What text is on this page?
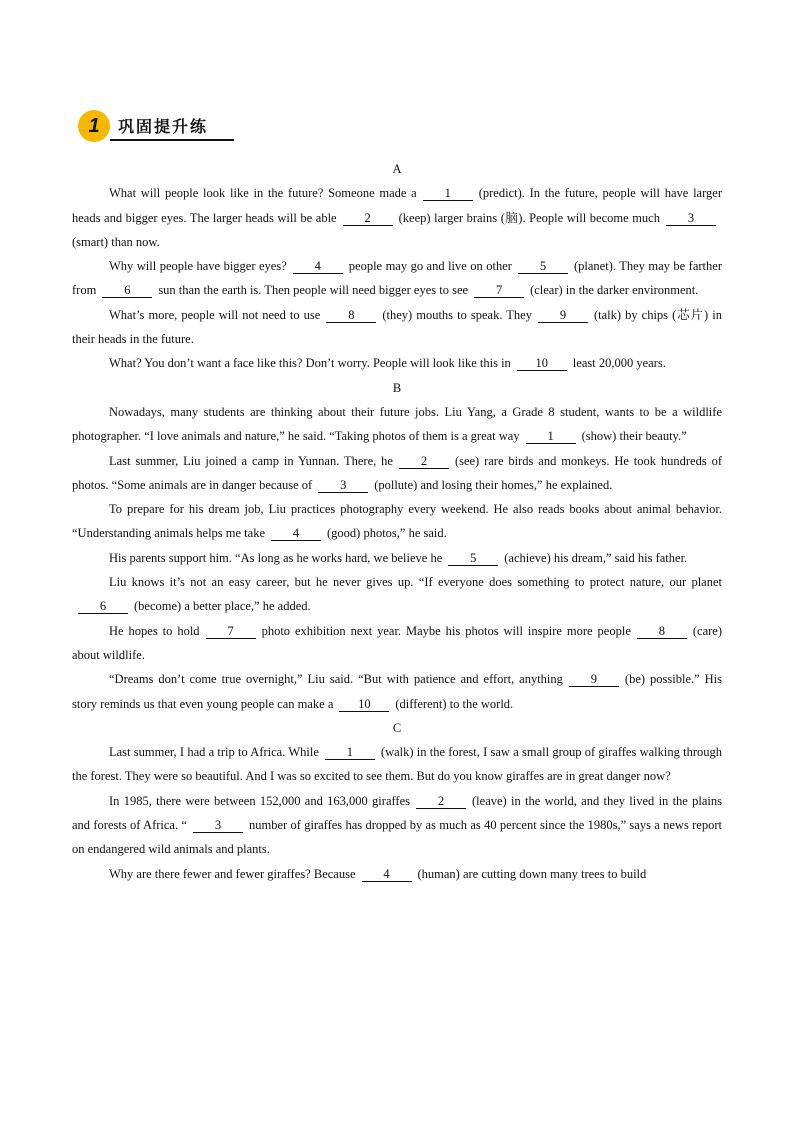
1	巩固提升练
A

What will people look like in the future? Someone made a 1 (predict). In the future, people will have larger heads and bigger eyes. The larger heads will be able 2 (keep) larger brains (脑). People will become much 3(smart) than now.

Why will people have bigger eyes? 4 people may go and live on other 5 (planet). They may be farther from 6 sun than the earth is. Then people will need bigger eyes to see 7 (clear) in the darker environment.

What’s more, people will not need to use 8 (they) mouths to speak. They 9 (talk) by chips (芯片) in their heads in the future.

What? You don’t want a face like this? Don’t worry. People will look like this in 10 least 20,000 years.

B

Nowadays, many students are thinking about their future jobs. Liu Yang, a Grade 8 student, wants to be a wildlife photographer. “I love animals and nature,” he said. “Taking photos of them is a great way 1 (show) their beauty.”

Last summer, Liu joined a camp in Yunnan. There, he 2 (see) rare birds and monkeys. He took hundreds of photos. “Some animals are in danger because of 3 (pollute) and losing their homes,” he explained.

To prepare for his dream job, Liu practices photography every weekend. He also reads books about animal behavior. “Understanding animals helps me take 4 (good) photos,” he said.

His parents support him. “As long as he works hard, we believe he 5 (achieve) his dream,” said his father.

Liu knows it’s not an easy career, but he never gives up. “If everyone does something to protect nature, our planet6 (become) a better place,” he added.

He hopes to hold 7 photo exhibition next year. Maybe his photos will inspire more people 8 (care) about wildlife.

“Dreams don’t come true overnight,” Liu said. “But with patience and effort, anything 9 (be) possible.” His story reminds us that even young people can make a 10 (different) to the world.

C

Last summer, I had a trip to Africa. While 1 (walk) in the forest, I saw a small group of giraffes walking through the forest. They were so beautiful. And I was so excited to see them. But do you know giraffes are in great danger now?

In 1985, there were between 152,000 and 163,000 giraffes 2 (leave) in the world, and they lived in the plains and forests of Africa. “ 3 number of giraffes has dropped by as much as 40 percent since the 1980s,” says a news report on endangered wild animals and plants.

Why are there fewer and fewer giraffes? Because 4 (human) are cutting down many trees to build
